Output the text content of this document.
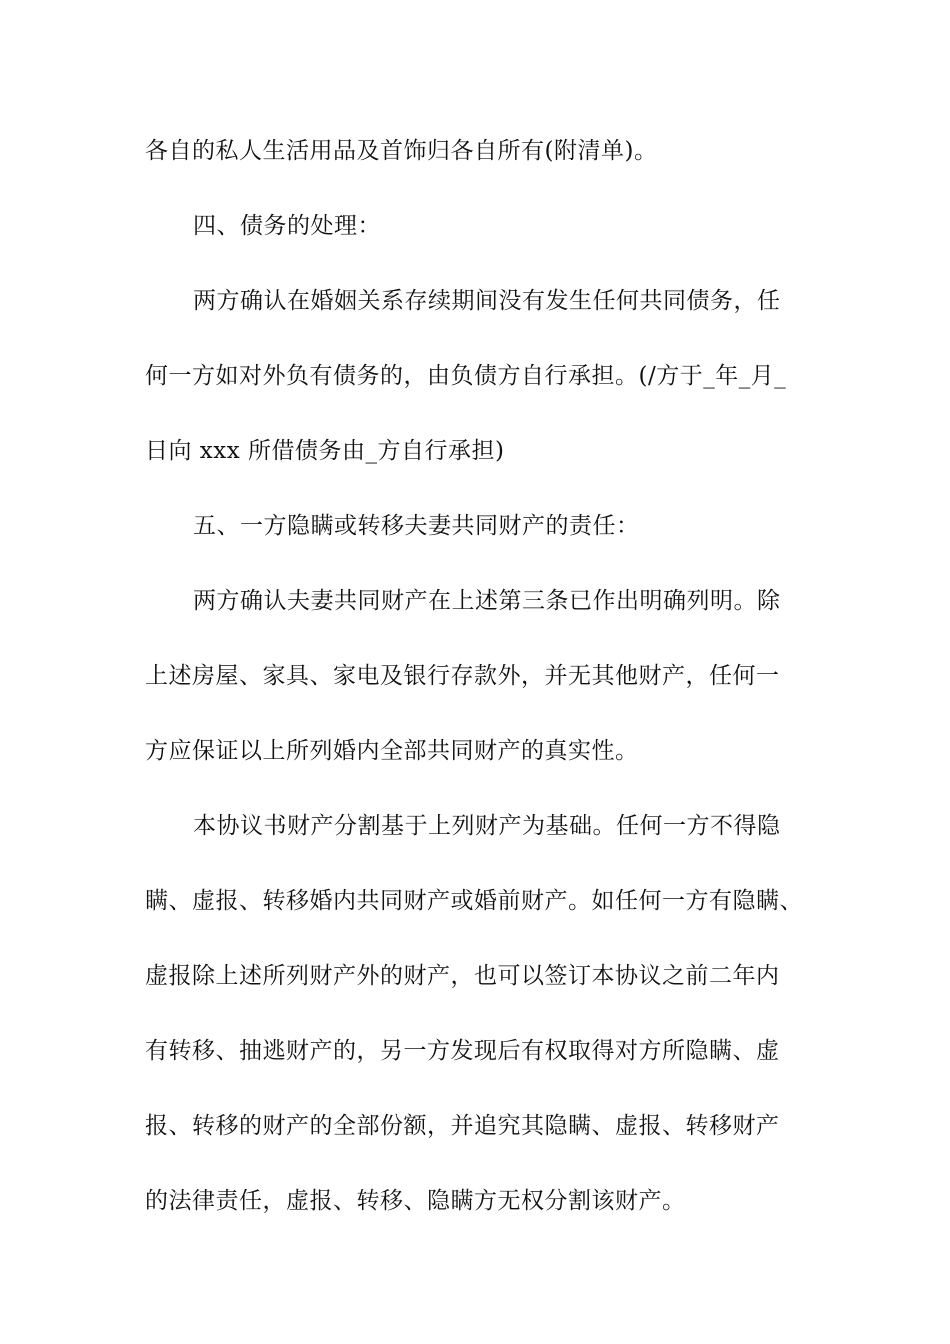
各自的私人生活用品及首饰归各自所有(附清单)。
四、债务的处理：
两方确认在婚姻关系存续期间没有发生任何共同债务，任
何一方如对外负有债务的，由负债方自行承担。(/方于_年_月_
日向 xxx 所借债务由_方自行承担)
五、一方隐瞒或转移夫妻共同财产的责任：
两方确认夫妻共同财产在上述第三条已作出明确列明。除
上述房屋、家具、家电及银行存款外，并无其他财产，任何一
方应保证以上所列婚内全部共同财产的真实性。
本协议书财产分割基于上列财产为基础。任何一方不得隐
瞒、虚报、转移婚内共同财产或婚前财产。如任何一方有隐瞒、
虚报除上述所列财产外的财产，也可以签订本协议之前二年内
有转移、抽逃财产的，另一方发现后有权取得对方所隐瞒、虚
报、转移的财产的全部份额，并追究其隐瞒、虚报、转移财产
的法律责任，虚报、转移、隐瞒方无权分割该财产。
